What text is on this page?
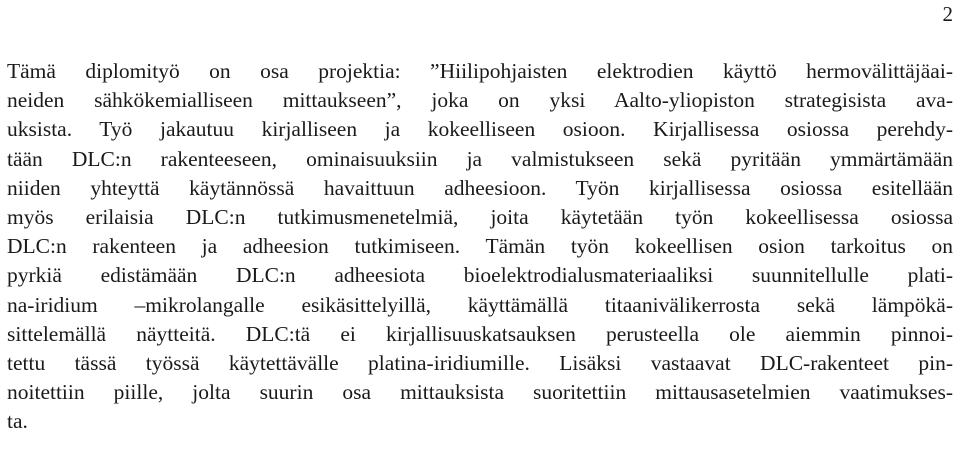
2

Tämä diplomityö on osa projektia: ”Hiilipohjaisten elektrodien käyttö hermovälittäjäai-
neiden sähkökemialliseen mittaukseen”, joka on yksi Aalto-yliopiston strategisista ava-
uksista. Työ jakautuu kirjalliseen ja kokeelliseen osioon. Kirjallisessa osiossa perehdy-
tään DLC:n rakenteeseen, ominaisuuksiin ja valmistukseen sekä pyritään ymmärtämään
niiden yhteyttä käytännössä havaittuun adheesioon. Työn kirjallisessa osiossa esitellään
myös erilaisia DLC:n tutkimusmenetelmiä, joita käytetään työn kokeellisessa osiossa
DLC:n rakenteen ja adheesion tutkimiseen. Tämän työn kokeellisen osion tarkoitus on
pyrkiä edistämään DLC:n adheesiota bioelektrodialusmateriaaliksi suunnitellulle plati-
na-iridium –mikrolangalle esikäsittelyillä, käyttämällä titaanivälikerrosta sekä lämpökä-
sittelemällä näytteitä. DLC:tä ei kirjallisuuskatsauksen perusteella ole aiemmin pinnoi-
tettu tässä työssä käytettävälle platina-iridiumille. Lisäksi vastaavat DLC-rakenteet pin-
noitettiin piille, jolta suurin osa mittauksista suoritettiin mittausasetelmien vaatimukses-
ta.
